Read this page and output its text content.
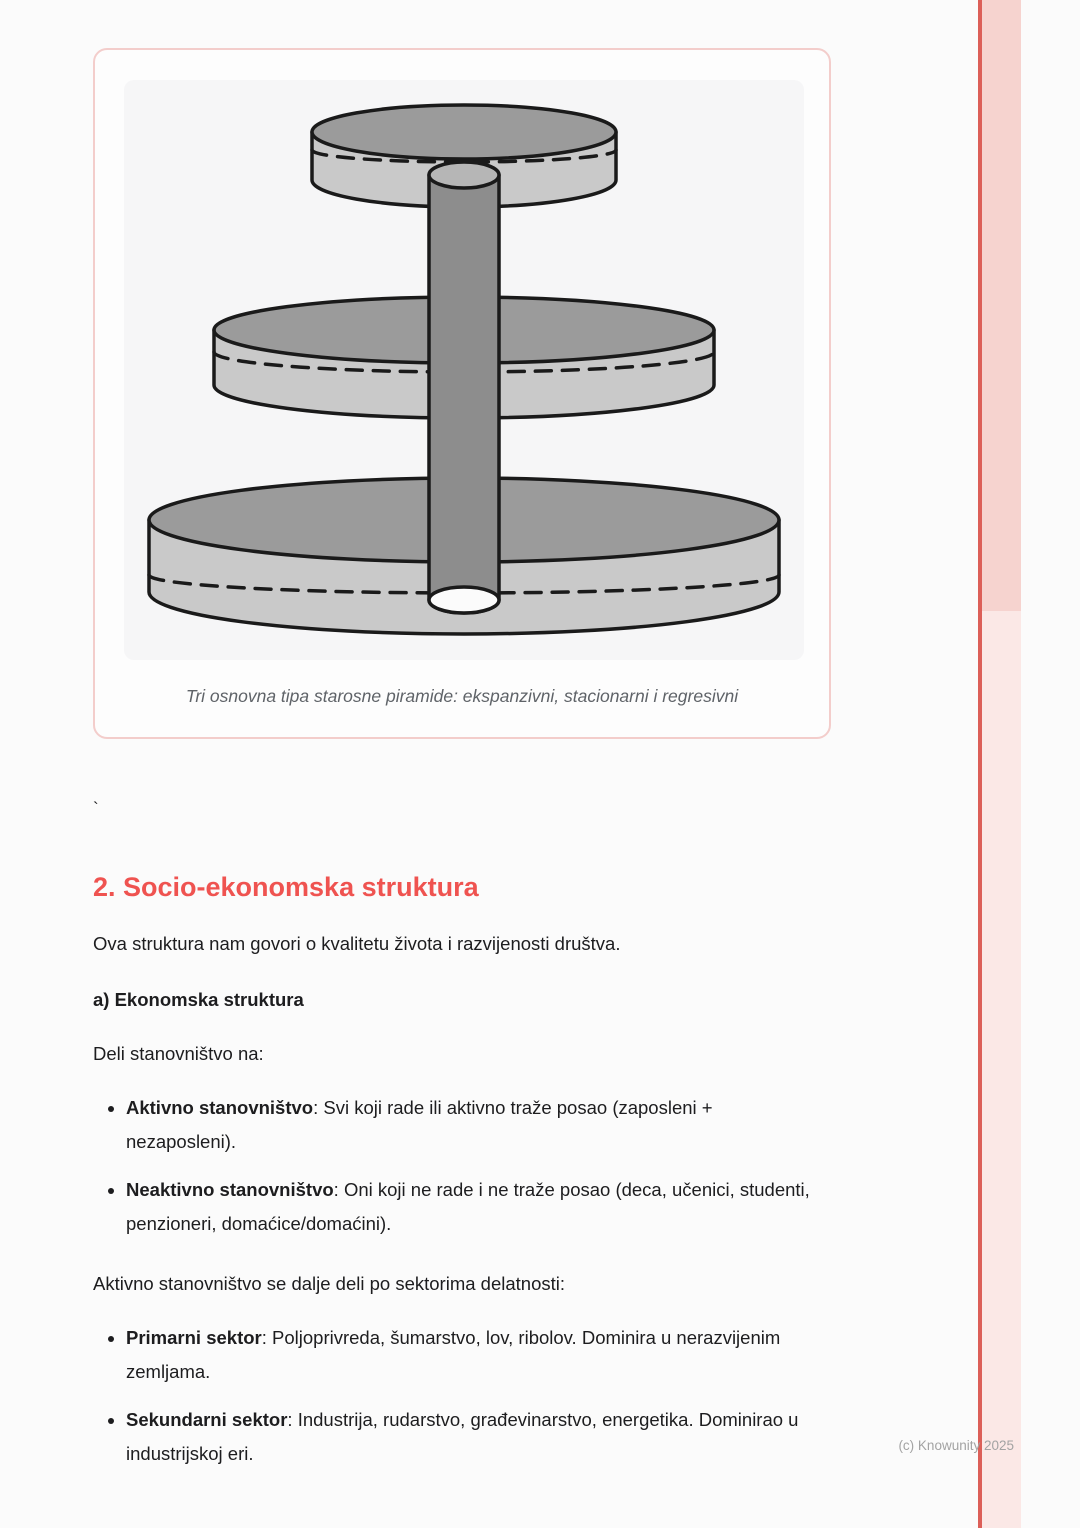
Tri osnovna tipa starosne piramide: ekspanzivni, stacionarni i regresivni
`
2. Socio-ekonomska struktura

Ova struktura nam govori o kvalitetu života i razvijenosti društva.

a) Ekonomska struktura

Deli stanovništvo na:

• Aktivno stanovništvo: Svi koji rade ili aktivno traže posao (zaposleni + nezaposleni).
• Neaktivno stanovništvo: Oni koji ne rade i ne traže posao (deca, učenici, studenti, penzioneri, domaćice/domaćini).

Aktivno stanovništvo se dalje deli po sektorima delatnosti:

• Primarni sektor: Poljoprivreda, šumarstvo, lov, ribolov. Dominira u nerazvijenim zemljama.
• Sekundarni sektor: Industrija, rudarstvo, građevinarstvo, energetika. Dominirao u industrijskoj eri.	(c) Knowunity 2025
